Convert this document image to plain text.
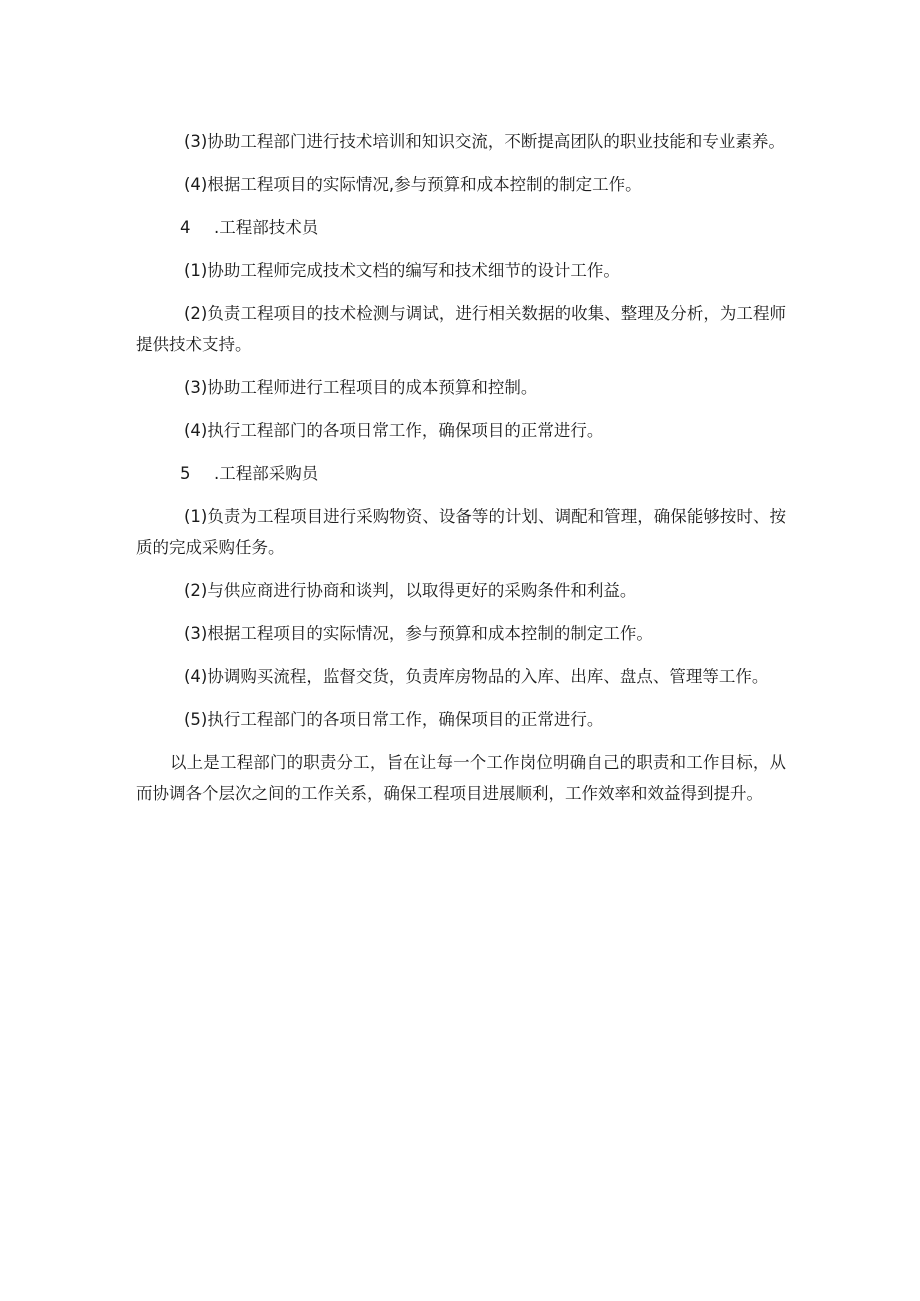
(3)协助工程部门进行技术培训和知识交流，不断提高团队的职业技能和专业素养。

(4)根据工程项目的实际情况,参与预算和成本控制的制定工作。

4 .工程部技术员

(1)协助工程师完成技术文档的编写和技术细节的设计工作。

(2)负责工程项目的技术检测与调试，进行相关数据的收集、整理及分析，为工程师提供技术支持。

(3)协助工程师进行工程项目的成本预算和控制。

(4)执行工程部门的各项日常工作，确保项目的正常进行。

5 .工程部采购员

(1)负责为工程项目进行采购物资、设备等的计划、调配和管理，确保能够按时、按质的完成采购任务。

(2)与供应商进行协商和谈判，以取得更好的采购条件和利益。

(3)根据工程项目的实际情况，参与预算和成本控制的制定工作。

(4)协调购买流程，监督交货，负责库房物品的入库、出库、盘点、管理等工作。

(5)执行工程部门的各项日常工作，确保项目的正常进行。

以上是工程部门的职责分工，旨在让每一个工作岗位明确自己的职责和工作目标，从而协调各个层次之间的工作关系，确保工程项目进展顺利，工作效率和效益得到提升。
